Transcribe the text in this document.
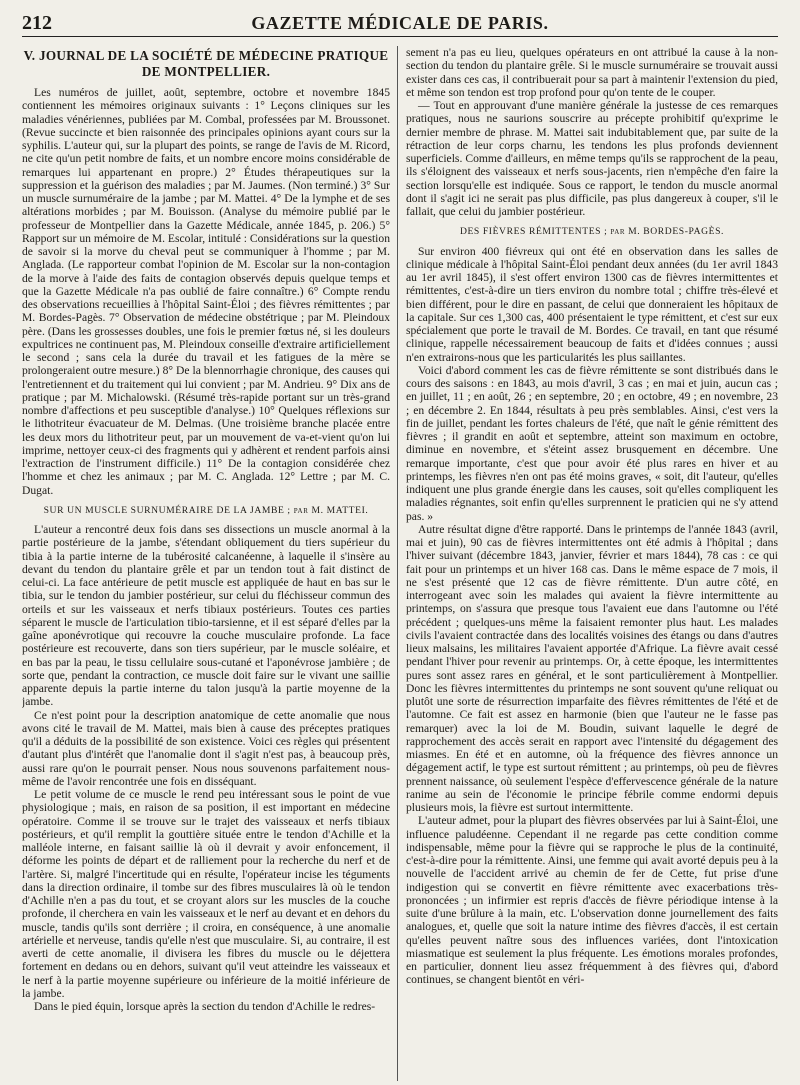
212	GAZETTE MÉDICALE DE PARIS.
V. JOURNAL DE LA SOCIÉTÉ DE MÉDECINE PRATIQUE DE MONTPELLIER.

Les numéros de juillet, août, septembre, octobre et novembre 1845 contiennent les mémoires originaux suivants : 1° Leçons cliniques sur les maladies vénériennes, publiées par M. Combal, professées par M. Broussonet. (Revue succincte et bien raisonnée des principales opinions ayant cours sur la syphilis. L'auteur qui, sur la plupart des points, se range de l'avis de M. Ricord, ne cite qu'un petit nombre de faits, et un nombre encore moins considérable de remarques lui appartenant en propre.) 2° Études thérapeutiques sur la suppression et la guérison des maladies ; par M. Jaumes. (Non terminé.) 3° Sur un muscle surnuméraire de la jambe ; par M. Mattei. 4° De la lymphe et de ses altérations morbides ; par M. Bouisson. (Analyse du mémoire publié par le professeur de Montpellier dans la Gazette Médicale, année 1845, p. 206.) 5° Rapport sur un mémoire de M. Escolar, intitulé : Considérations sur la question de savoir si la morve du cheval peut se communiquer à l'homme ; par M. Anglada. (Le rapporteur combat l'opinion de M. Escolar sur la non-contagion de la morve à l'aide des faits de contagion observés depuis quelque temps et que la Gazette Médicale n'a pas oublié de faire connaître.) 6° Compte rendu des observations recueillies à l'hôpital Saint-Éloi ; des fièvres rémittentes ; par M. Bordes-Pagès. 7° Observation de médecine obstétrique ; par M. Pleindoux père. (Dans les grossesses doubles, une fois le premier fœtus né, si les douleurs expultrices ne continuent pas, M. Pleindoux conseille d'extraire artificiellement le second ; sans cela la durée du travail et les fatigues de la mère se prolongeraient outre mesure.) 8° De la blennorrhagie chronique, des causes qui l'entretiennent et du traitement qui lui convient ; par M. Andrieu. 9° Dix ans de pratique ; par M. Michalowski. (Résumé très-rapide portant sur un très-grand nombre d'affections et peu susceptible d'analyse.) 10° Quelques réflexions sur le lithotriteur évacuateur de M. Delmas. (Une troisième branche placée entre les deux mors du lithotriteur peut, par un mouvement de va-et-vient qu'on lui imprime, nettoyer ceux-ci des fragments qui y adhèrent et rendent parfois ainsi l'extraction de l'instrument difficile.) 11° De la contagion considérée chez l'homme et chez les animaux ; par M. C. Anglada. 12° Lettre ; par M. C. Dugat.

SUR UN MUSCLE SURNUMÉRAIRE DE LA JAMBE ; par M. MATTEI.

L'auteur a rencontré deux fois dans ses dissections un muscle anormal à la partie postérieure de la jambe, s'étendant obliquement du tiers supérieur du tibia à la partie interne de la tubérosité calcanéenne, à laquelle il s'insère au devant du tendon du plantaire grêle et par un tendon tout à fait distinct de celui-ci. La face antérieure de petit muscle est appliquée de haut en bas sur le tibia, sur le tendon du jambier postérieur, sur celui du fléchisseur commun des orteils et sur les vaisseaux et nerfs tibiaux postérieurs. Toutes ces parties séparent le muscle de l'articulation tibio-tarsienne, et il est séparé d'elles par la gaîne aponévrotique qui recouvre la couche musculaire profonde. La face postérieure est recouverte, dans son tiers supérieur, par le muscle soléaire, et en bas par la peau, le tissu cellulaire sous-cutané et l'aponévrose jambière ; de sorte que, pendant la contraction, ce muscle doit faire sur le vivant une saillie apparente depuis la partie interne du talon jusqu'à la partie moyenne de la jambe.

Ce n'est point pour la description anatomique de cette anomalie que nous avons cité le travail de M. Mattei, mais bien à cause des préceptes pratiques qu'il a déduits de la possibilité de son existence. Voici ces règles qui présentent d'autant plus d'intérêt que l'anomalie dont il s'agit n'est pas, à beaucoup près, aussi rare qu'on le pourrait penser. Nous nous souvenons parfaitement nous-même de l'avoir rencontrée une fois en disséquant.

Le petit volume de ce muscle le rend peu intéressant sous le point de vue physiologique ; mais, en raison de sa position, il est important en médecine opératoire. Comme il se trouve sur le trajet des vaisseaux et nerfs tibiaux postérieurs, et qu'il remplit la gouttière située entre le tendon d'Achille et la malléole interne, en faisant saillie là où il devrait y avoir enfoncement, il déforme les points de départ et de ralliement pour la recherche du nerf et de l'artère. Si, malgré l'incertitude qui en résulte, l'opérateur incise les téguments dans la direction ordinaire, il tombe sur des fibres musculaires là où le tendon d'Achille n'en a pas du tout, et se croyant alors sur les muscles de la couche profonde, il cherchera en vain les vaisseaux et le nerf au devant et en dehors du muscle, tandis qu'ils sont derrière ; il croira, en conséquence, à une anomalie artérielle et nerveuse, tandis qu'elle n'est que musculaire. Si, au contraire, il est averti de cette anomalie, il divisera les fibres du muscle ou le déjettera fortement en dedans ou en dehors, suivant qu'il veut atteindre les vaisseaux et le nerf à la partie moyenne supérieure ou inférieure de la moitié inférieure de la jambe.

Dans le pied équin, lorsque après la section du tendon d'Achille le redres-

sement n'a pas eu lieu, quelques opérateurs en ont attribué la cause à la non-section du tendon du plantaire grêle. Si le muscle surnuméraire se trouvait aussi exister dans ces cas, il contribuerait pour sa part à maintenir l'extension du pied, et même son tendon est trop profond pour qu'on tente de le couper.

— Tout en approuvant d'une manière générale la justesse de ces remarques pratiques, nous ne saurions souscrire au précepte prohibitif qu'exprime le dernier membre de phrase. M. Mattei sait indubitablement que, par suite de la rétraction de leur corps charnu, les tendons les plus profonds deviennent superficiels. Comme d'ailleurs, en même temps qu'ils se rapprochent de la peau, ils s'éloignent des vaisseaux et nerfs sous-jacents, rien n'empêche d'en faire la section lorsqu'elle est indiquée. Sous ce rapport, le tendon du muscle anormal dont il s'agit ici ne serait pas plus difficile, pas plus dangereux à couper, s'il le fallait, que celui du jambier postérieur.

DES FIÈVRES RÉMITTENTES ; par M. BORDES-PAGÈS.

Sur environ 400 fiévreux qui ont été en observation dans les salles de clinique médicale à l'hôpital Saint-Éloi pendant deux années (du 1er avril 1843 au 1er avril 1845), il s'est offert environ 1300 cas de fièvres intermittentes et rémittentes, c'est-à-dire un tiers environ du nombre total ; chiffre très-élevé et bien différent, pour le dire en passant, de celui que donneraient les hôpitaux de la capitale. Sur ces 1,300 cas, 400 présentaient le type rémittent, et c'est sur eux spécialement que porte le travail de M. Bordes. Ce travail, en tant que résumé clinique, rappelle nécessairement beaucoup de faits et d'idées connues ; aussi n'en extrairons-nous que les particularités les plus saillantes.

Voici d'abord comment les cas de fièvre rémittente se sont distribués dans le cours des saisons : en 1843, au mois d'avril, 3 cas ; en mai et juin, aucun cas ; en juillet, 11 ; en août, 26 ; en septembre, 20 ; en octobre, 49 ; en novembre, 23 ; en décembre 2. En 1844, résultats à peu près semblables. Ainsi, c'est vers la fin de juillet, pendant les fortes chaleurs de l'été, que naît le génie rémittent des fièvres ; il grandit en août et septembre, atteint son maximum en octobre, diminue en novembre, et s'éteint assez brusquement en décembre. Une remarque importante, c'est que pour avoir été plus rares en hiver et au printemps, les fièvres n'en ont pas été moins graves, « soit, dit l'auteur, qu'elles indiquent une plus grande énergie dans les causes, soit qu'elles compliquent les maladies régnantes, soit enfin qu'elles surprennent le praticien qui ne s'y attend pas. »

Autre résultat digne d'être rapporté. Dans le printemps de l'année 1843 (avril, mai et juin), 90 cas de fièvres intermittentes ont été admis à l'hôpital ; dans l'hiver suivant (décembre 1843, janvier, février et mars 1844), 78 cas : ce qui fait pour un printemps et un hiver 168 cas. Dans le même espace de 7 mois, il ne s'est présenté que 12 cas de fièvre rémittente. D'un autre côté, en interrogeant avec soin les malades qui avaient la fièvre intermittente au printemps, on s'assura que presque tous l'avaient eue dans l'automne ou l'été précédent ; quelques-uns même la faisaient remonter plus haut. Les malades civils l'avaient contractée dans des localités voisines des étangs ou dans d'autres lieux malsains, les militaires l'avaient apportée d'Afrique. La fièvre avait cessé pendant l'hiver pour revenir au printemps. Or, à cette époque, les intermittentes pures sont assez rares en général, et le sont particulièrement à Montpellier. Donc les fièvres intermittentes du printemps ne sont souvent qu'une reliquat ou plutôt une sorte de résurrection imparfaite des fièvres rémittentes de l'été et de l'automne. Ce fait est assez en harmonie (bien que l'auteur ne le fasse pas remarquer) avec la loi de M. Boudin, suivant laquelle le degré de rapprochement des accès serait en rapport avec l'intensité du dégagement des miasmes. En été et en automne, où la fréquence des fièvres annonce un dégagement actif, le type est surtout rémittent ; au printemps, où peu de fièvres prennent naissance, où seulement l'espèce d'effervescence générale de la nature ranime au sein de l'économie le principe fébrile comme endormi depuis plusieurs mois, la fièvre est surtout intermittente.

L'auteur admet, pour la plupart des fièvres observées par lui à Saint-Éloi, une influence paludéenne. Cependant il ne regarde pas cette condition comme indispensable, même pour la fièvre qui se rapproche le plus de la continuité, c'est-à-dire pour la rémittente. Ainsi, une femme qui avait avorté depuis peu à la nouvelle de l'accident arrivé au chemin de fer de Cette, fut prise d'une indigestion qui se convertit en fièvre rémittente avec exacerbations très-prononcées ; un infirmier est repris d'accès de fièvre périodique intense à la suite d'une brûlure à la main, etc. L'observation donne journellement des faits analogues, et, quelle que soit la nature intime des fièvres d'accès, il est certain qu'elles peuvent naître sous des influences variées, dont l'intoxication miasmatique est seulement la plus fréquente. Les émotions morales profondes, en particulier, donnent lieu assez fréquemment à des fièvres qui, d'abord continues, se changent bientôt en véri-
